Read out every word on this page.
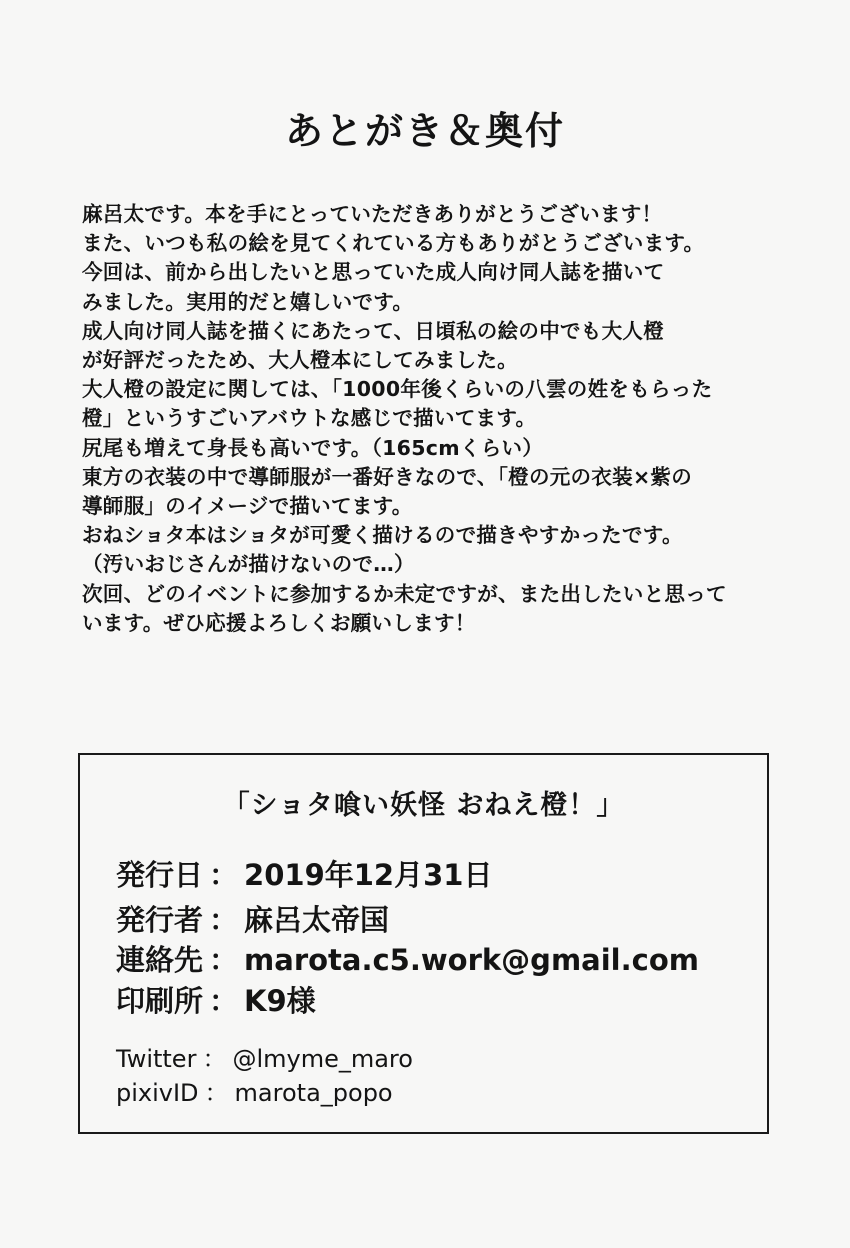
あとがき＆奥付
麻呂太です。本を手にとっていただきありがとうございます！
また、いつも私の絵を見てくれている方もありがとうございます。
今回は、前から出したいと思っていた成人向け同人誌を描いて
みました。実用的だと嬉しいです。
成人向け同人誌を描くにあたって、日頃私の絵の中でも大人橙
が好評だったため、大人橙本にしてみました。
大人橙の設定に関しては、「1000年後くらいの八雲の姓をもらった
橙」というすごいアバウトな感じで描いてます。
尻尾も増えて身長も高いです。（165cmくらい）
東方の衣装の中で導師服が一番好きなので、「橙の元の衣装×紫の
導師服」のイメージで描いてます。
おねショタ本はショタが可愛く描けるので描きやすかったです。
（汚いおじさんが描けないので…）
次回、どのイベントに参加するか未定ですが、また出したいと思って
います。ぜひ応援よろしくお願いします！
「ショタ喰い妖怪 おねえ橙！」
発行日 ： 2019年12月31日
発行者 ： 麻呂太帝国
連絡先 ： marota.c5.work@gmail.com
印刷所 ： K9様
Twitter ： @lmyme_maro
pixivID ： marota_popo
